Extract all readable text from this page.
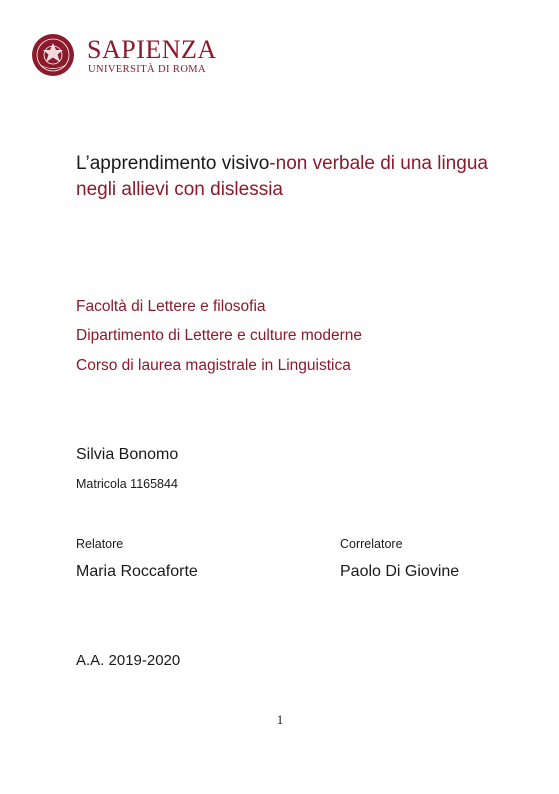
SAPIENZA
UNIVERSITÀ DI ROMA
L’apprendimento visivo-non verbale di una lingua negli allievi con dislessia
Facoltà di Lettere e filosofia
Dipartimento di Lettere e culture moderne
Corso di laurea magistrale in Linguistica
Silvia Bonomo
Matricola 1165844
Relatore
Maria Roccaforte
Correlatore
Paolo Di Giovine
A.A. 2019-2020
1
